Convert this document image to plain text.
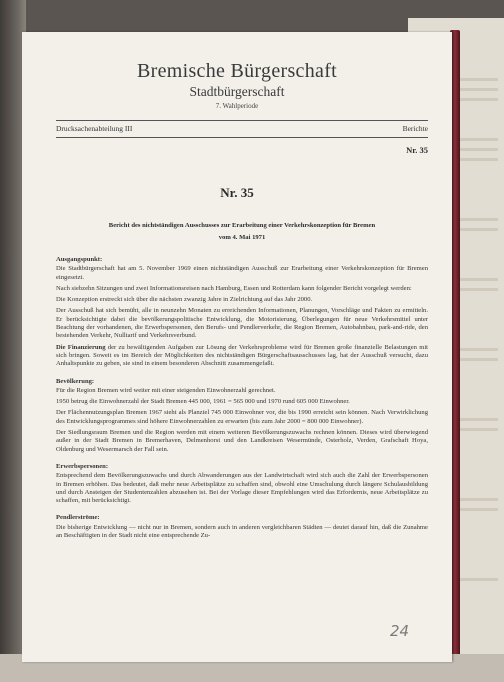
Bremische Bürgerschaft
Stadtbürgerschaft
7. Wahlperiode
Drucksachenabteilung III	Berichte
Nr. 35
Nr. 35
Bericht des nichtständigen Ausschusses zur Erarbeitung einer Verkehrskonzeption für Bremen
vom 4. Mai 1971

Ausgangspunkt:

Die Stadtbürgerschaft hat am 5. November 1969 einen nichtständigen Ausschuß zur Erarbeitung einer Verkehrskonzeption für Bremen eingesetzt.

Nach siebzehn Sitzungen und zwei Informationsreisen nach Hamburg, Essen und Rotterdam kann folgender Bericht vorgelegt werden:

Die Konzeption erstreckt sich über die nächsten zwanzig Jahre in Zielrichtung auf das Jahr 2000.

Der Ausschuß hat sich bemüht, alle in neunzehn Monaten zu erreichenden Informationen, Planungen, Vorschläge und Fakten zu ermitteln. Er berücksichtigte dabei die bevölkerungspolitische Entwicklung, die Motorisierung, Überlegungen für neue Verkehrsmittel unter Beachtung der vorhandenen, die Erwerbspersonen, den Berufs- und Pendlerverkehr, die Region Bremen, Autobahnbau, park-and-ride, den bestehenden Verkehr, Nulltarif und Verkehrsverbund.

Die Finanzierung der zu bewältigenden Aufgaben zur Lösung der Verkehrsprobleme wird für Bremen große finanzielle Belastungen mit sich bringen. Soweit es im Bereich der Möglichkeiten des nichtständigen Bürgerschaftsausschusses lag, hat der Ausschuß versucht, dazu Anhaltspunkte zu geben, sie sind in einem besonderen Abschnitt zusammengefaßt.

Bevölkerung:

Für die Region Bremen wird weiter mit einer steigenden Einwohnerzahl gerechnet.

1950 betrug die Einwohnerzahl der Stadt Bremen 445 000, 1961 = 565 000 und 1970 rund 605 000 Einwohner.

Der Flächennutzungsplan Bremen 1967 sieht als Planziel 745 000 Einwohner vor, die bis 1990 erreicht sein können. Nach Verwirklichung des Entwicklungsprogrammes sind höhere Einwohnerzahlen zu erwarten (bis zum Jahr 2000 = 800 000 Einwohner).

Der Siedlungsraum Bremen und die Region werden mit einem weiteren Bevölkerungszuwachs rechnen können. Dieses wird überwiegend außer in der Stadt Bremen in Bremerhaven, Delmenhorst und den Landkreisen Wesermünde, Osterholz, Verden, Grafschaft Hoya, Oldenburg und Wesermarsch der Fall sein.

Erwerbspersonen:

Entsprechend dem Bevölkerungszuwachs und durch Abwanderungen aus der Landwirtschaft wird sich auch die Zahl der Erwerbspersonen in Bremen erhöhen. Das bedeutet, daß mehr neue Arbeitsplätze zu schaffen sind, obwohl eine Umschulung durch längere Schulausbildung und durch Ansteigen der Studentenzahlen abzusehen ist. Bei der Vorlage dieser Empfehlungen wird das Erfordernis, neue Arbeitsplätze zu schaffen, mit berücksichtigt.

Pendlerströme:

Die bisherige Entwicklung — nicht nur in Bremen, sondern auch in anderen vergleichbaren Städten — deutet darauf hin, daß die Zunahme an Beschäftigten in der Stadt nicht eine entsprechende Zu-

24
